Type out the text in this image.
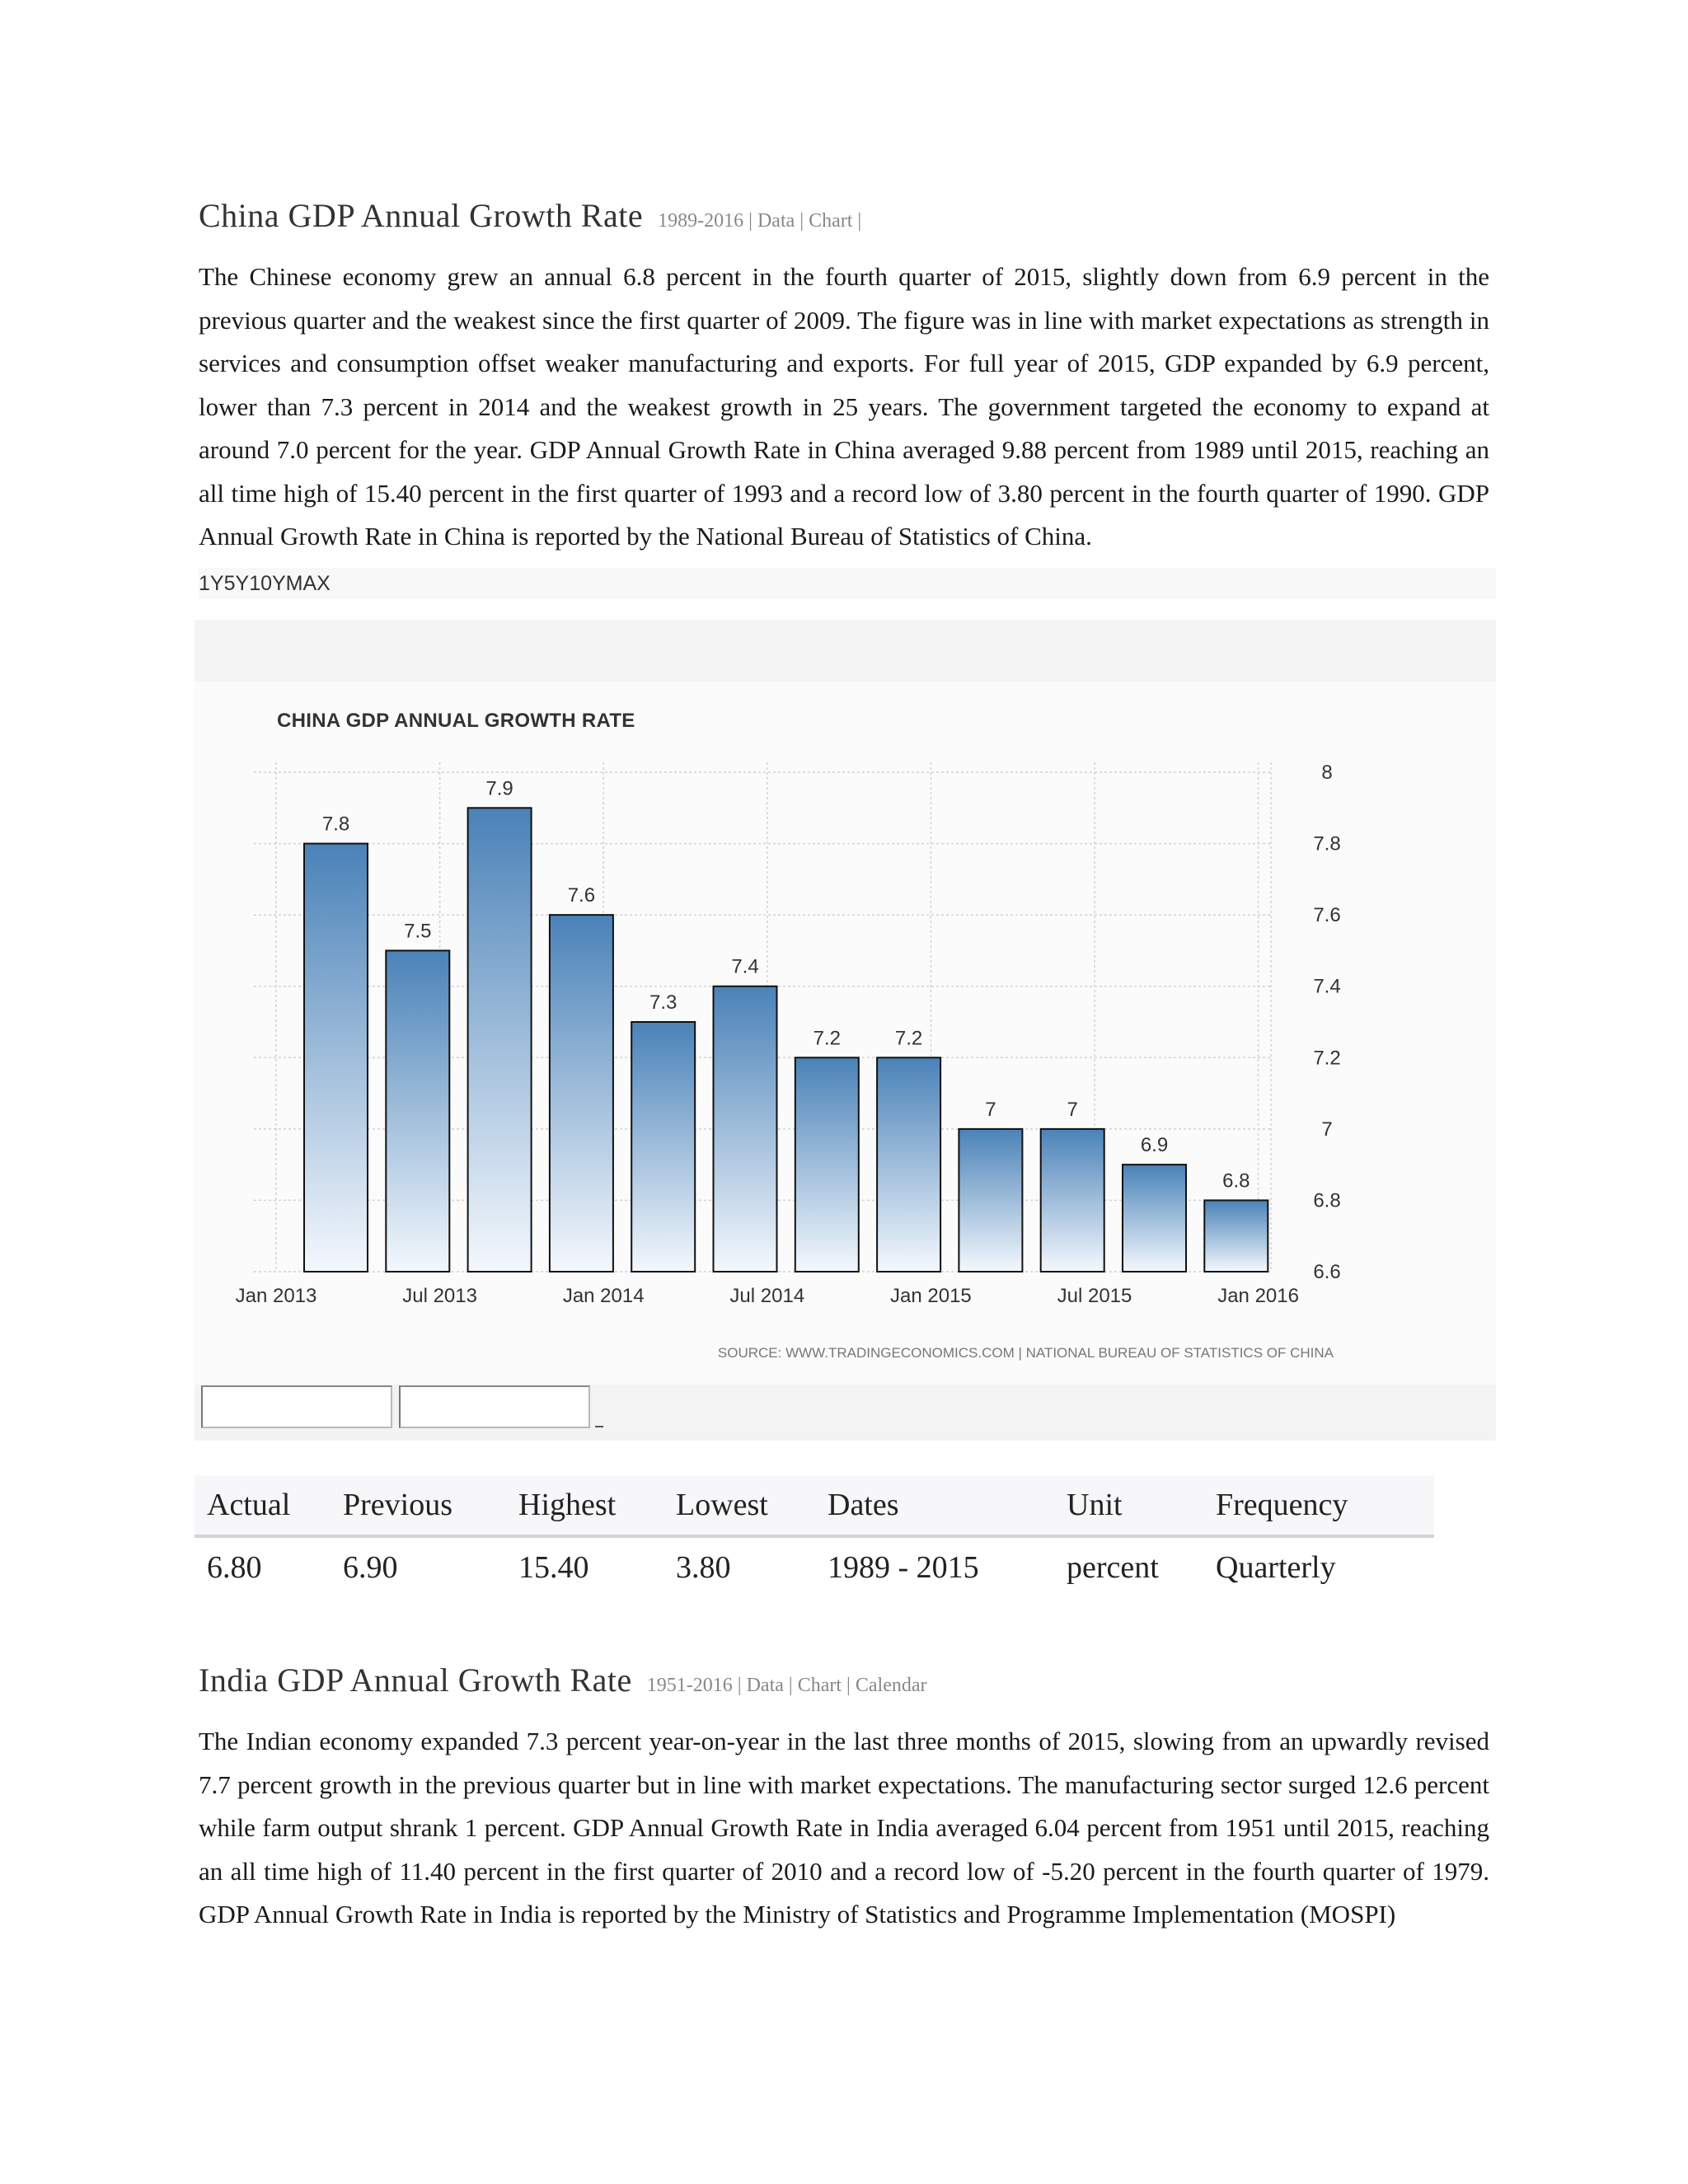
China GDP Annual Growth Rate 1989-2016 | Data | Chart |
The Chinese economy grew an annual 6.8 percent in the fourth quarter of 2015, slightly down from 6.9 percent in the previous quarter and the weakest since the first quarter of 2009. The figure was in line with market expectations as strength in services and consumption offset weaker manufacturing and exports. For full year of 2015, GDP expanded by 6.9 percent, lower than 7.3 percent in 2014 and the weakest growth in 25 years. The government targeted the economy to expand at around 7.0 percent for the year. GDP Annual Growth Rate in China averaged 9.88 percent from 1989 until 2015, reaching an all time high of 15.40 percent in the first quarter of 1993 and a record low of 3.80 percent in the fourth quarter of 1990. GDP Annual Growth Rate in China is reported by the National Bureau of Statistics of China.
1Y5Y10YMAX
CHINA GDP ANNUAL GROWTH RATE
7.8
7.5
7.9
7.6
7.3
7.4
7.2	7.2
7	7
6.9
6.8
Jan 2013	Jul 2013	Jan 2014	Jul 2014	Jan 2015	Jul 2015	Jan 2016
8
7.8
7.6
7.4
7.2
7
6.8
6.6
SOURCE: WWW.TRADINGECONOMICS.COM | NATIONAL BUREAU OF STATISTICS OF CHINA
Actual	Previous	Highest	Lowest	Dates	Unit	Frequency
6.80	6.90	15.40	3.80	1989 - 2015	percent	Quarterly
India GDP Annual Growth Rate 1951-2016 | Data | Chart | Calendar
The Indian economy expanded 7.3 percent year-on-year in the last three months of 2015, slowing from an upwardly revised 7.7 percent growth in the previous quarter but in line with market expectations. The manufacturing sector surged 12.6 percent while farm output shrank 1 percent. GDP Annual Growth Rate in India averaged 6.04 percent from 1951 until 2015, reaching an all time high of 11.40 percent in the first quarter of 2010 and a record low of -5.20 percent in the fourth quarter of 1979. GDP Annual Growth Rate in India is reported by the Ministry of Statistics and Programme Implementation (MOSPI)
